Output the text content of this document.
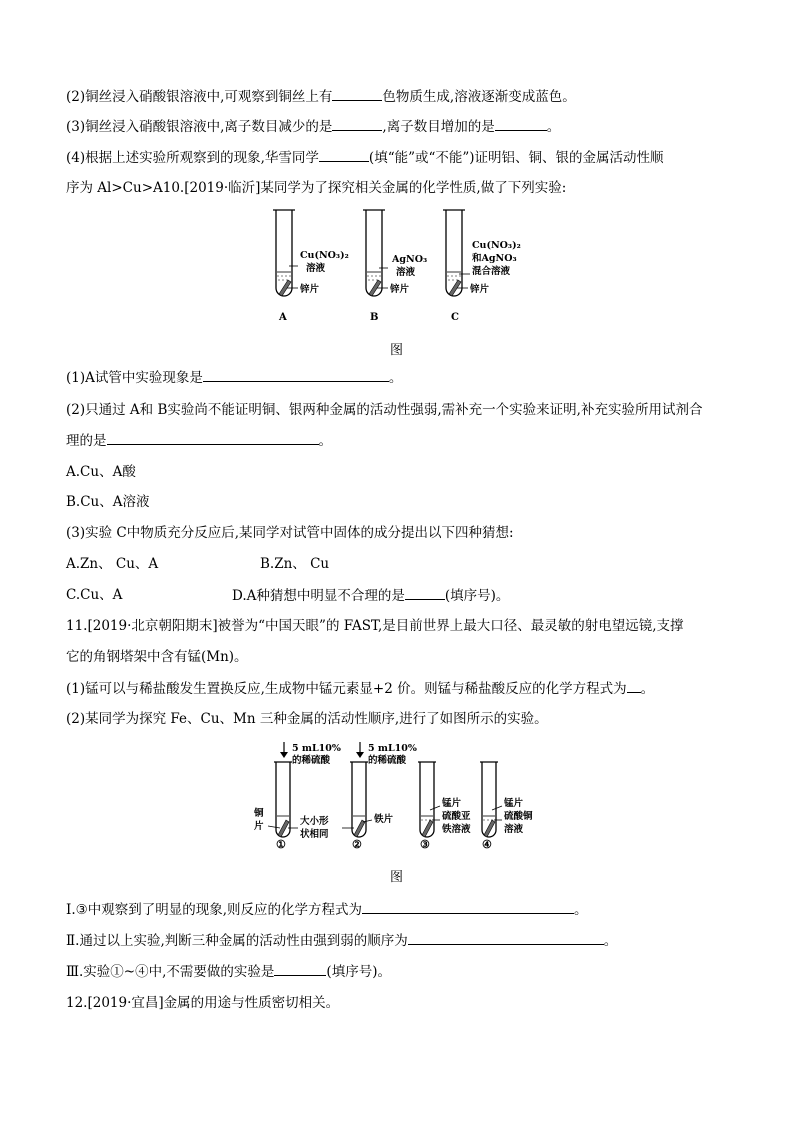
(2)铜丝浸入硝酸银溶液中,可观察到铜丝上有	色物质生成,溶液逐渐变成蓝色。
(3)铜丝浸入硝酸银溶液中,离子数目减少的是	,离子数目增加的是	。
(4)根据上述实验所观察到的现象,华雪同学	(填“能”或“不能”)证明铝、铜、银的金属活动性顺
序为 Al>Cu>A10.[2019·临沂]某同学为了探究相关金属的化学性质,做了下列实验:
Cu(NO₃)₂
溶液
锌片
A
AgNO₃
溶液
锌片
B
Cu(NO₃)₂
和AgNO₃
混合溶液
锌片
C
图
(1)A试管中实验现象是	。
(2)只通过 A和 B实验尚不能证明铜、银两种金属的活动性强弱,需补充一个实验来证明,补充实验所用试剂合
理的是	。
A.Cu、A酸
B.Cu、A溶液
(3)实验 C中物质充分反应后,某同学对试管中固体的成分提出以下四种猜想:
A.Zn、 Cu、A	B.Zn、 Cu
C.Cu、A	D.A种猜想中明显不合理的是	(填序号)。
11.[2019·北京朝阳期末]被誉为“中国天眼”的 FAST,是目前世界上最大口径、最灵敏的射电望远镜,支撑
它的角钢塔架中含有锰(Mn)。
(1)锰可以与稀盐酸发生置换反应,生成物中锰元素显+2 价。则锰与稀盐酸反应的化学方程式为 。
(2)某同学为探究 Fe、Cu、Mn 三种金属的活动性顺序,进行了如图所示的实验。
5 mL10%
的稀硫酸
铜
片	大小形
状相同
①
5 mL10%
的稀硫酸
铁片
②
锰片
硫酸亚
铁溶液
③
锰片
硫酸铜
溶液
④
图
Ⅰ.③中观察到了明显的现象,则反应的化学方程式为	。
Ⅱ.通过以上实验,判断三种金属的活动性由强到弱的顺序为	。
Ⅲ.实验①~④中,不需要做的实验是	(填序号)。
12.[2019·宜昌]金属的用途与性质密切相关。
